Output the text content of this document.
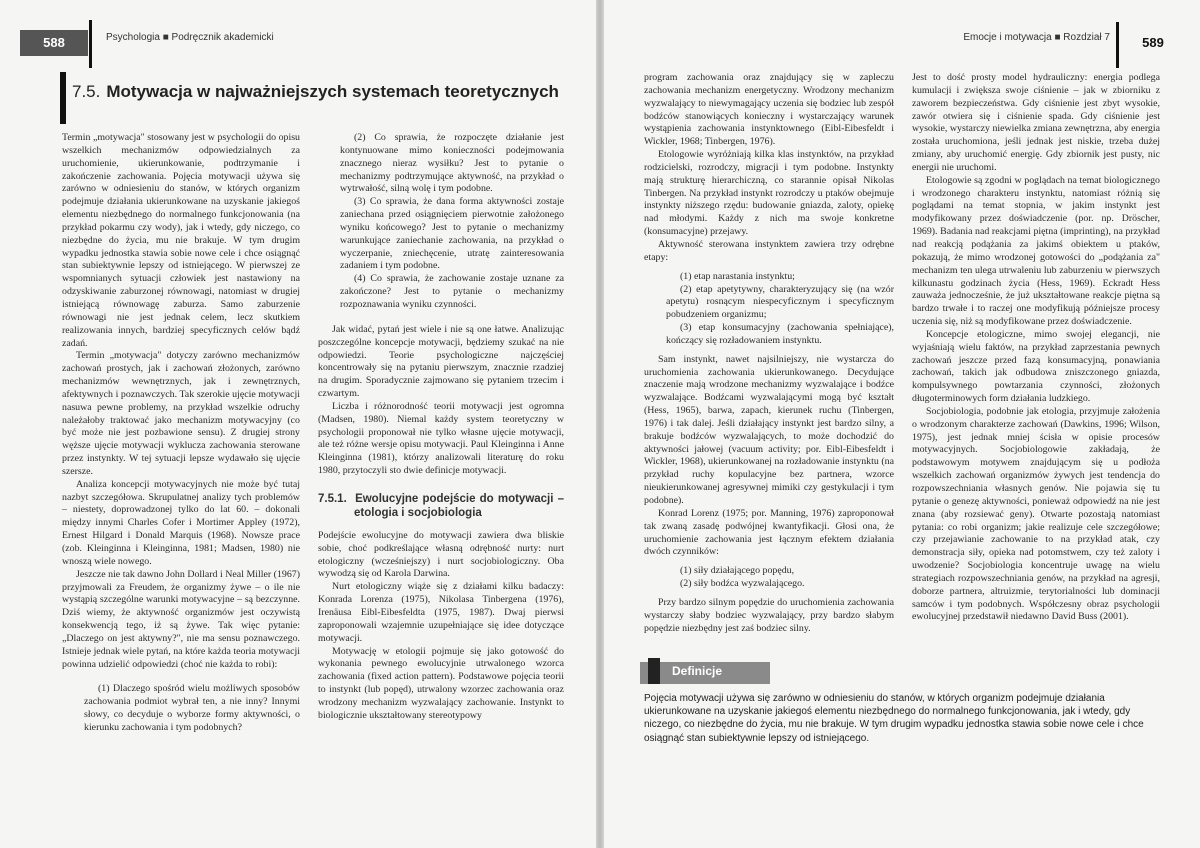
588	Psychologia ■ Podręcznik akademicki
7.5. Motywacja w najważniejszych systemach teoretycznych

Termin „motywacja" stosowany jest w psychologii do opisu wszelkich mechanizmów odpowiedzialnych za uruchomienie, ukierunkowanie, podtrzymanie i zakończenie zachowania. Pojęcia motywacji używa się zarówno w odniesieniu do stanów, w których organizm podejmuje działania ukierunkowane na uzyskanie jakiegoś elementu niezbędnego do normalnego funkcjonowania (na przykład pokarmu czy wody), jak i wtedy, gdy niczego, co niezbędne do życia, mu nie brakuje. W tym drugim wypadku jednostka stawia sobie nowe cele i chce osiągnąć stan subiektywnie lepszy od istniejącego. W pierwszej ze wspomnianych sytuacji człowiek jest nastawiony na odzyskiwanie zaburzonej równowagi, natomiast w drugiej istniejącą równowagę zaburza. Samo zaburzenie równowagi nie jest jednak celem, lecz skutkiem realizowania innych, bardziej specyficznych celów bądź zadań.

Termin „motywacja" dotyczy zarówno mechanizmów zachowań prostych, jak i zachowań złożonych, zarówno mechanizmów wewnętrznych, jak i zewnętrznych, afektywnych i poznawczych. Tak szerokie ujęcie motywacji nasuwa pewne problemy, na przykład wszelkie odruchy należałoby traktować jako mechanizm motywacyjny (co być może nie jest pozbawione sensu). Z drugiej strony węższe ujęcie motywacji wyklucza zachowania sterowane przez instynkty. W tej sytuacji lepsze wydawało się ujęcie szersze.

Analiza koncepcji motywacyjnych nie może być tutaj nazbyt szczegółowa. Skrupulatnej analizy tych problemów – niestety, doprowadzonej tylko do lat 60. – dokonali między innymi Charles Cofer i Mortimer Appley (1972), Ernest Hilgard i Donald Marquis (1968). Nowsze prace (zob. Kleinginna i Kleinginna, 1981; Madsen, 1980) nie wnoszą wiele nowego.

Jeszcze nie tak dawno John Dollard i Neal Miller (1967) przyjmowali za Freudem, że organizmy żywe – o ile nie wystąpią szczególne warunki motywacyjne – są bezczynne. Dziś wiemy, że aktywność organizmów jest oczywistą konsekwencją tego, iż są żywe. Tak więc pytanie: „Dlaczego on jest aktywny?", nie ma sensu poznawczego. Istnieje jednak wiele pytań, na które każda teoria motywacji powinna udzielić odpowiedzi (choć nie każda to robi):

(1) Dlaczego spośród wielu możliwych sposobów zachowania podmiot wybrał ten, a nie inny? Innymi słowy, co decyduje o wyborze formy aktywności, o kierunku zachowania i tym podobnych?

(2) Co sprawia, że rozpoczęte działanie jest kontynuowane mimo konieczności podejmowania znacznego nieraz wysiłku? Jest to pytanie o mechanizmy podtrzymujące aktywność, na przykład o wytrwałość, silną wolę i tym podobne.

(3) Co sprawia, że dana forma aktywności zostaje zaniechana przed osiągnięciem pierwotnie założonego wyniku końcowego? Jest to pytanie o mechanizmy warunkujące zaniechanie zachowania, na przykład o wyczerpanie, zniechęcenie, utratę zainteresowania zadaniem i tym podobne.

(4) Co sprawia, że zachowanie zostaje uznane za zakończone? Jest to pytanie o mechanizmy rozpoznawania wyniku czynności.

Jak widać, pytań jest wiele i nie są one łatwe. Analizując poszczególne koncepcje motywacji, będziemy szukać na nie odpowiedzi. Teorie psychologiczne najczęściej koncentrowały się na pytaniu pierwszym, znacznie rzadziej na drugim. Sporadycznie zajmowano się pytaniem trzecim i czwartym.

Liczba i różnorodność teorii motywacji jest ogromna (Madsen, 1980). Niemal każdy system teoretyczny w psychologii proponował nie tylko własne ujęcie motywacji, ale też różne wersje opisu motywacji. Paul Kleinginna i Anne Kleinginna (1981), którzy analizowali literaturę do roku 1980, przytoczyli sto dwie definicje motywacji.

7.5.1. Ewolucyjne podejście do motywacji – etologia i socjobiologia

Podejście ewolucyjne do motywacji zawiera dwa bliskie sobie, choć podkreślające własną odrębność nurty: nurt etologiczny (wcześniejszy) i nurt socjobiologiczny. Oba wywodzą się od Karola Darwina.

Nurt etologiczny wiąże się z działami kilku badaczy: Konrada Lorenza (1975), Nikolasa Tinbergena (1976), Irenäusa Eibl-Eibesfeldta (1975, 1987). Dwaj pierwsi zaproponowali wzajemnie uzupełniające się idee dotyczące motywacji.

Motywację w etologii pojmuje się jako gotowość do wykonania pewnego ewolucyjnie utrwalonego wzorca zachowania (fixed action pattern). Podstawowe pojęcia teorii to instynkt (lub popęd), utrwalony wzorzec zachowania oraz wrodzony mechanizm wyzwalający zachowanie. Instynkt to biologicznie ukształtowany stereotypowy

Emocje i motywacja ■ Rozdział 7	589

program zachowania oraz znajdujący się w zapleczu zachowania mechanizm energetyczny. Wrodzony mechanizm wyzwalający to niewymagający uczenia się bodziec lub zespół bodźców stanowiących konieczny i wystarczający warunek wystąpienia zachowania instynktownego (Eibl-Eibesfeldt i Wickler, 1968; Tinbergen, 1976).

Etologowie wyróżniają kilka klas instynktów, na przykład rodzicielski, rozrodczy, migracji i tym podobne. Instynkty mają strukturę hierarchiczną, co starannie opisał Nikolas Tinbergen. Na przykład instynkt rozrodczy u ptaków obejmuje instynkty niższego rzędu: budowanie gniazda, zaloty, opiekę nad młodymi. Każdy z nich ma swoje konkretne (konsumacyjne) przejawy.

Aktywność sterowana instynktem zawiera trzy odrębne etapy:

(1) etap narastania instynktu;

(2) etap apetytywny, charakteryzujący się (na wzór apetytu) rosnącym niespecyficznym i specyficznym pobudzeniem organizmu;

(3) etap konsumacyjny (zachowania spełniające), kończący się rozładowaniem instynktu.

Sam instynkt, nawet najsilniejszy, nie wystarcza do uruchomienia zachowania ukierunkowanego. Decydujące znaczenie mają wrodzone mechanizmy wyzwalające i bodźce wyzwalające. Bodźcami wyzwalającymi mogą być kształt (Hess, 1965), barwa, zapach, kierunek ruchu (Tinbergen, 1976) i tak dalej. Jeśli działający instynkt jest bardzo silny, a brakuje bodźców wyzwalających, to może dochodzić do aktywności jałowej (vacuum activity; por. Eibl-Eibesfeldt i Wickler, 1968), ukierunkowanej na rozładowanie instynktu (na przykład ruchy kopulacyjne bez partnera, wzorce nieukierunkowanej agresywnej mimiki czy gestykulacji i tym podobne).

Konrad Lorenz (1975; por. Manning, 1976) zaproponował tak zwaną zasadę podwójnej kwantyfikacji. Głosi ona, że uruchomienie zachowania jest łącznym efektem działania dwóch czynników:

(1) siły działającego popędu,

(2) siły bodźca wyzwalającego.

Przy bardzo silnym popędzie do uruchomienia zachowania wystarczy słaby bodziec wyzwalający, przy bardzo słabym popędzie niezbędny jest zaś bodziec silny.

Jest to dość prosty model hydrauliczny: energia podlega kumulacji i zwiększa swoje ciśnienie – jak w zbiorniku z zaworem bezpieczeństwa. Gdy ciśnienie jest zbyt wysokie, zawór otwiera się i ciśnienie spada. Gdy ciśnienie jest wysokie, wystarczy niewielka zmiana zewnętrzna, aby energia została uruchomiona, jeśli jednak jest niskie, trzeba dużej zmiany, aby uruchomić energię. Gdy zbiornik jest pusty, nic energii nie uruchomi.

Etologowie są zgodni w poglądach na temat biologicznego i wrodzonego charakteru instynktu, natomiast różnią się poglądami na temat stopnia, w jakim instynkt jest modyfikowany przez doświadczenie (por. np. Dröscher, 1969). Badania nad reakcjami piętna (imprinting), na przykład nad reakcją podążania za jakimś obiektem u ptaków, pokazują, że mimo wrodzonej gotowości do „podążania za" mechanizm ten ulega utrwaleniu lub zaburzeniu w pierwszych kilkunastu godzinach życia (Hess, 1969). Eckradt Hess zauważa jednocześnie, że już ukształtowane reakcje piętna są bardzo trwałe i to raczej one modyfikują późniejsze procesy uczenia się, niż są modyfikowane przez doświadczenie.

Koncepcje etologiczne, mimo swojej elegancji, nie wyjaśniają wielu faktów, na przykład zaprzestania pewnych zachowań jeszcze przed fazą konsumacyjną, ponawiania zachowań, takich jak odbudowa zniszczonego gniazda, kompulsywnego powtarzania czynności, złożonych długoterminowych form działania ludzkiego.

Socjobiologia, podobnie jak etologia, przyjmuje założenia o wrodzonym charakterze zachowań (Dawkins, 1996; Wilson, 1975), jest jednak mniej ścisła w opisie procesów motywacyjnych. Socjobiologowie zakładają, że podstawowym motywem znajdującym się u podłoża wszelkich zachowań organizmów żywych jest tendencja do rozpowszechniania własnych genów. Nie pojawia się tu pytanie o genezę aktywności, ponieważ odpowiedź na nie jest znana (aby rozsiewać geny). Otwarte pozostają natomiast pytania: co robi organizm; jakie realizuje cele szczegółowe; czy przejawianie zachowanie to na przykład atak, czy demonstracja siły, opieka nad potomstwem, czy też zaloty i uwodzenie? Socjobiologia koncentruje uwagę na wielu strategiach rozpowszechniania genów, na przykład na agresji, doborze partnera, altruizmie, terytorialności lub dominacji samców i tym podobnych. Współczesny obraz psychologii ewolucyjnej przedstawił niedawno David Buss (2001).

Definicje
Pojęcia motywacji używa się zarówno w odniesieniu do stanów, w których organizm podejmuje działania ukierunkowane na uzyskanie jakiegoś elementu niezbędnego do normalnego funkcjonowania, jak i wtedy, gdy niczego, co niezbędne do życia, mu nie brakuje. W tym drugim wypadku jednostka stawia sobie nowe cele i chce osiągnąć stan subiektywnie lepszy od istniejącego.
